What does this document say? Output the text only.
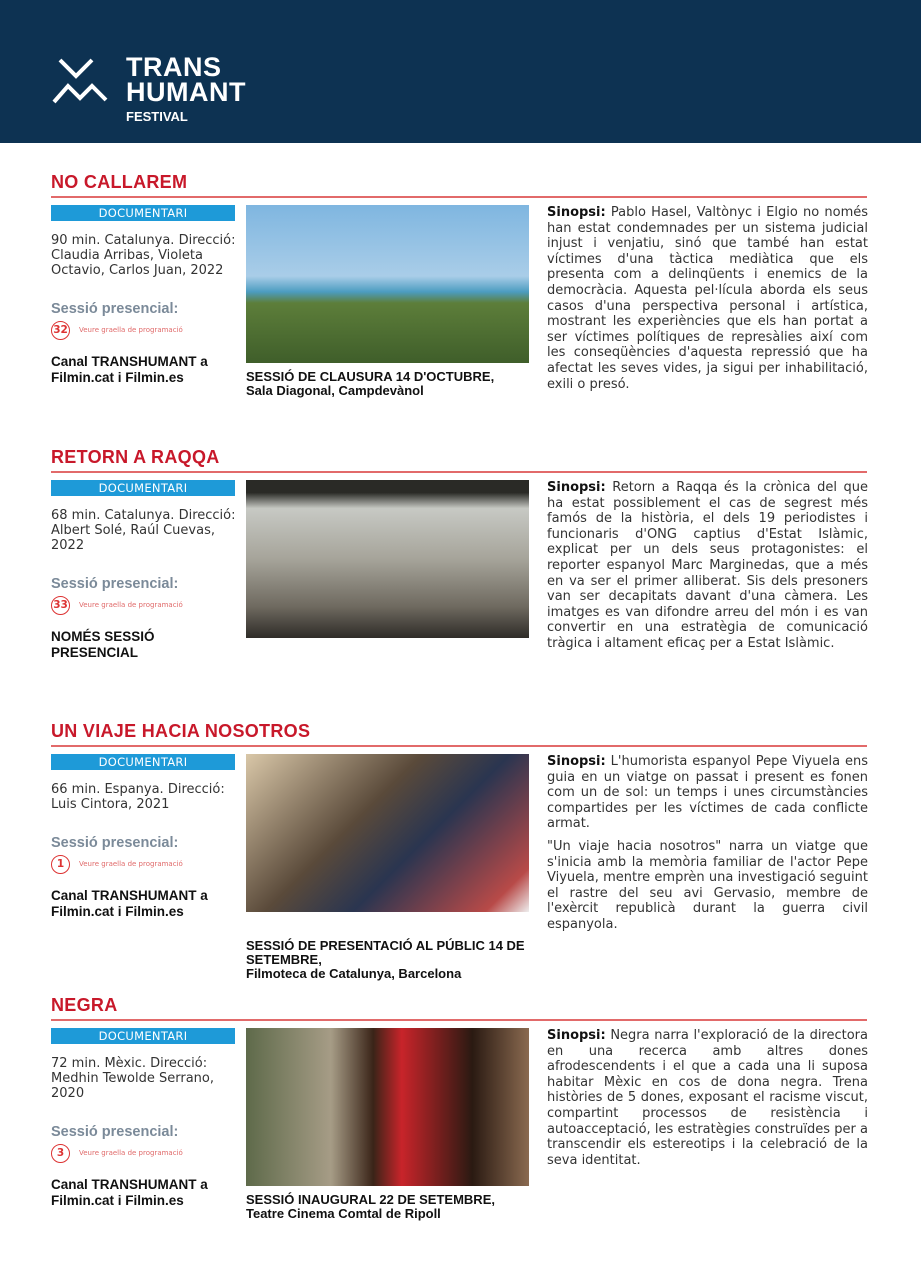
TRANS
HUMANT
FESTIVAL
NO CALLAREM
DOCUMENTARI
90 min. Catalunya. Direcció: Claudia Arribas, Violeta Octavio, Carlos Juan, 2022
Sessió presencial:
32	Veure graella de programació
Canal TRANSHUMANT a Filmin.cat i Filmin.es	SESSIÓ DE CLAUSURA 14 D'OCTUBRE,
Sala Diagonal, Campdevànol

Sinopsi: Pablo Hasel, Valtònyc i Elgio no només han estat condemnades per un sistema judicial injust i venjatiu, sinó que també han estat víctimes d'una tàctica mediàtica que els presenta com a delinqüents i enemics de la democràcia. Aquesta pel·lícula aborda els seus casos d'una perspectiva personal i artística, mostrant les experiències que els han portat a ser víctimes polítiques de represàlies així com les conseqüències d'aquesta repressió que ha afectat les seves vides, ja sigui per inhabilitació, exili o presó.

RETORN A RAQQA
DOCUMENTARI
68 min. Catalunya. Direcció: Albert Solé, Raúl Cuevas, 2022
Sessió presencial:
33	Veure graella de programació
NOMÉS SESSIÓ PRESENCIAL

Sinopsi: Retorn a Raqqa és la crònica del que ha estat possiblement el cas de segrest més famós de la història, el dels 19 periodistes i funcionaris d'ONG captius d'Estat Islàmic, explicat per un dels seus protagonistes: el reporter espanyol Marc Marginedas, que a més en va ser el primer alliberat. Sis dels presoners van ser decapitats davant d'una càmera. Les imatges es van difondre arreu del món i es van convertir en una estratègia de comunicació tràgica i altament eficaç per a Estat Islàmic.

UN VIAJE HACIA NOSOTROS
DOCUMENTARI
66 min. Espanya. Direcció: Luis Cintora, 2021
Sessió presencial:
1	Veure graella de programació
Canal TRANSHUMANT a Filmin.cat i Filmin.es
SESSIÓ DE PRESENTACIÓ AL PÚBLIC 14 DE SETEMBRE,
Filmoteca de Catalunya, Barcelona

Sinopsi: L'humorista espanyol Pepe Viyuela ens guia en un viatge on passat i present es fonen com un de sol: un temps i unes circumstàncies compartides per les víctimes de cada conflicte armat.

"Un viaje hacia nosotros" narra un viatge que s'inicia amb la memòria familiar de l'actor Pepe Viyuela, mentre emprèn una investigació seguint el rastre del seu avi Gervasio, membre de l'exèrcit republicà durant la guerra civil espanyola.

NEGRA
DOCUMENTARI
72 min. Mèxic. Direcció: Medhin Tewolde Serrano, 2020
Sessió presencial:
3	Veure graella de programació
Canal TRANSHUMANT a Filmin.cat i Filmin.es	SESSIÓ INAUGURAL 22 DE SETEMBRE,
Teatre Cinema Comtal de Ripoll

Sinopsi: Negra narra l'exploració de la directora en una recerca amb altres dones afrodescendents i el que a cada una li suposa habitar Mèxic en cos de dona negra. Trena històries de 5 dones, exposant el racisme viscut, compartint processos de resistència i autoacceptació, les estratègies construïdes per a transcendir els estereotips i la celebració de la seva identitat.
